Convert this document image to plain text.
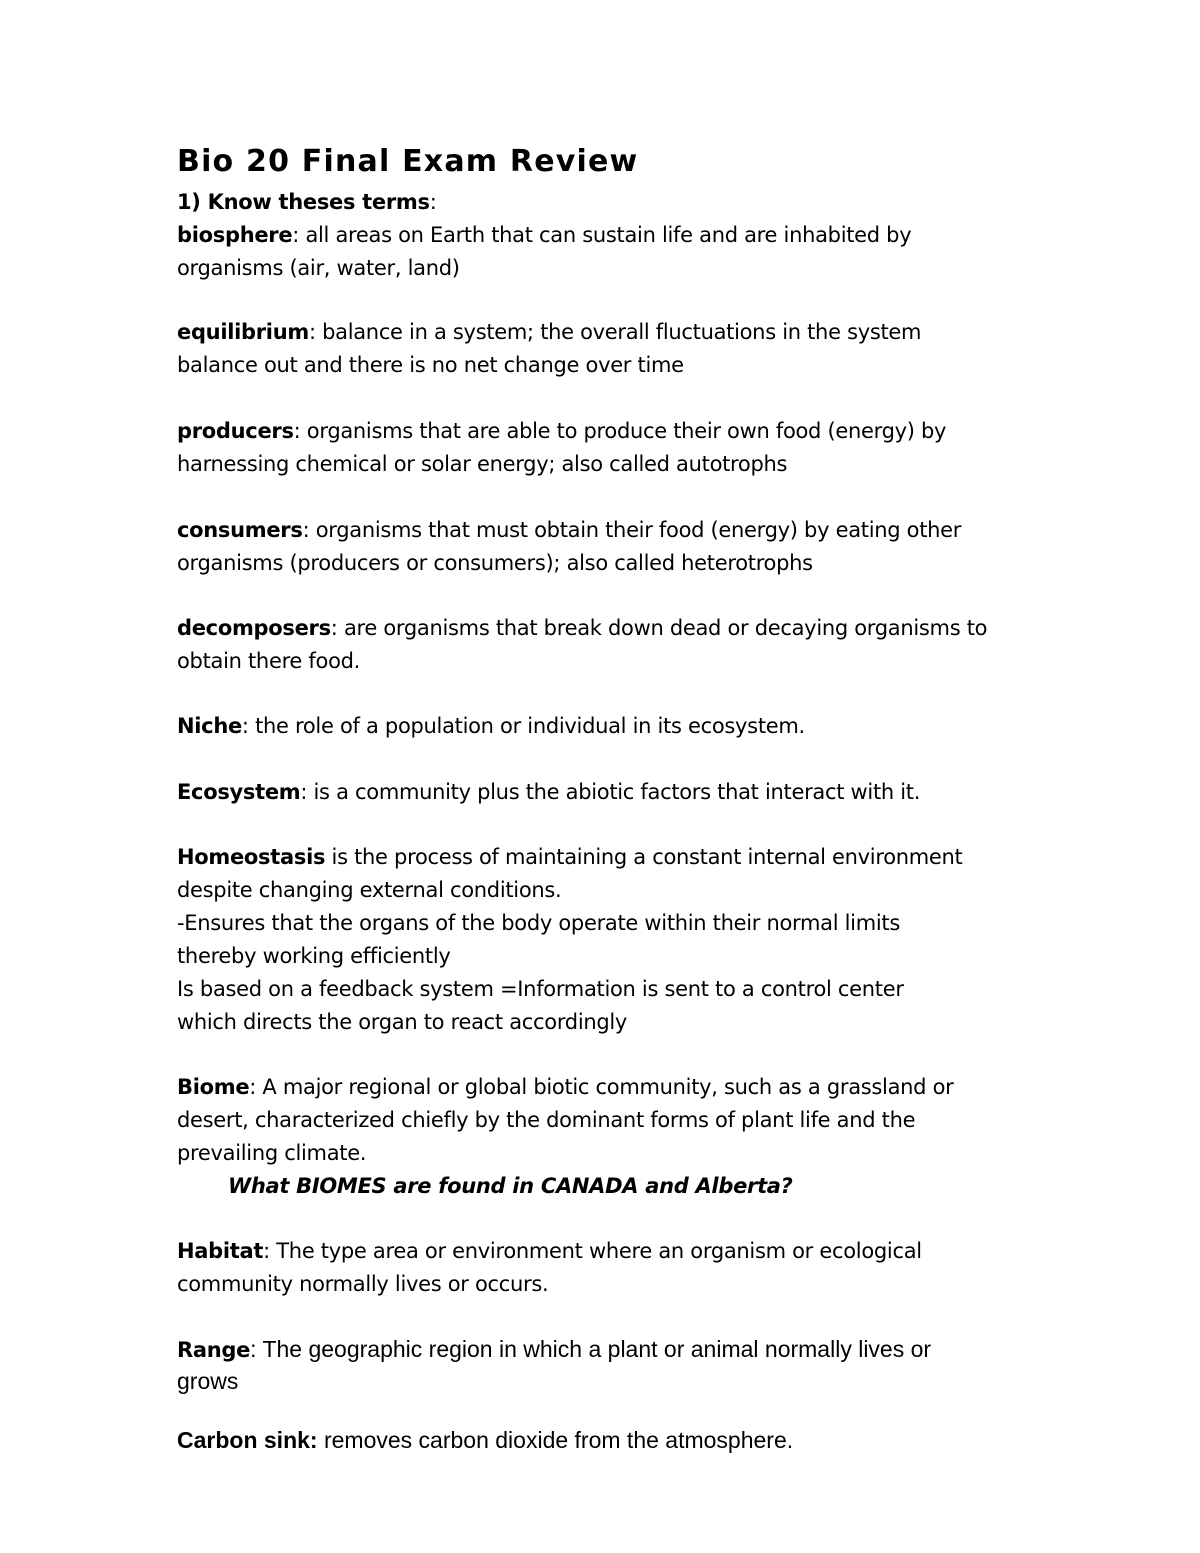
Bio 20 Final Exam Review
1) Know theses terms:
biosphere: all areas on Earth that can sustain life and are inhabited by
organisms (air, water, land)
equilibrium: balance in a system; the overall fluctuations in the system
balance out and there is no net change over time
producers: organisms that are able to produce their own food (energy) by
harnessing chemical or solar energy; also called autotrophs
consumers: organisms that must obtain their food (energy) by eating other
organisms (producers or consumers); also called heterotrophs
decomposers: are organisms that break down dead or decaying organisms to
obtain there food.
Niche: the role of a population or individual in its ecosystem.
Ecosystem: is a community plus the abiotic factors that interact with it.
Homeostasis is the process of maintaining a constant internal environment
despite changing external conditions.
-Ensures that the organs of the body operate within their normal limits
thereby working efficiently
Is based on a feedback system =Information is sent to a control center
which directs the organ to react accordingly
Biome: A major regional or global biotic community, such as a grassland or
desert, characterized chiefly by the dominant forms of plant life and the
prevailing climate.
What BIOMES are found in CANADA and Alberta?
Habitat: The type area or environment where an organism or ecological
community normally lives or occurs.
Range: The geographic region in which a plant or animal normally lives or
grows
Carbon sink: removes carbon dioxide from the atmosphere.
